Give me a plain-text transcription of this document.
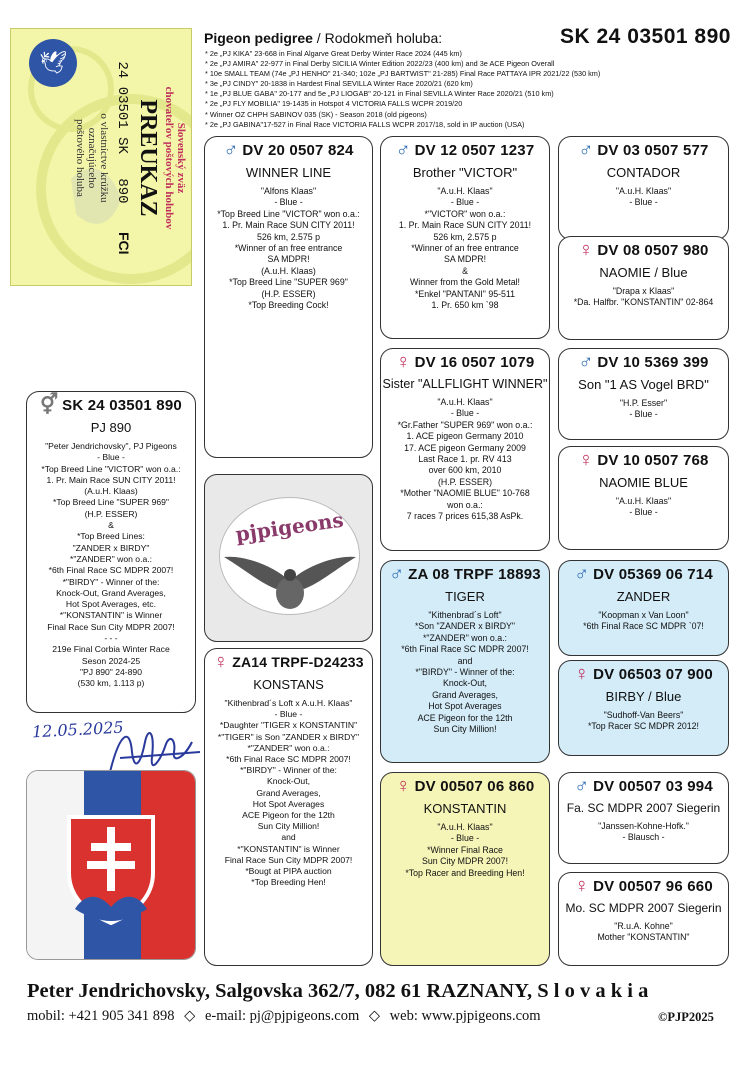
Pigeon pedigree / Rodokmeň holuba:	SK 24 03501 890
* 2e „PJ KIKA" 23-668 in Final Algarve Great Derby Winter Race 2024 (445 km)
* 2e „PJ AMIRA" 22-977 in Final Derby SICILIA Winter Edition 2022/23 (400 km) and 3e ACE Pigeon Overall
* 10e SMALL TEAM (74e „PJ HENHO" 21-340; 102e „PJ BARTWIST" 21-285) Final Race PATTAYA IPR 2021/22 (530 km)
* 3e „PJ CINDY" 20-1838 in Hardest Final SEVILLA Winter Race 2020/21 (620 km)
* 1e „PJ BLUE GABA" 20-177 and 5e „PJ LIOGAB" 20-121 in Final SEVILLA Winter Race 2020/21 (510 km)
* 2e „PJ FLY MOBILIA" 19-1435 in Hotspot 4 VICTORIA FALLS WCPR 2019/20
* Winner OZ CHPH SABINOV 035 (SK) - Season 2018 (old pigeons)
* 2e „PJ GABINA"17-527 in Final Race VICTORIA FALLS WCPR 2017/18, sold in IP auction (USA)
🕊
Slovenský zväz
chovateľov poštových holubov
PREUKAZ
24 03501 SK 890 FCI
o vlastníctve krúžku
označujúceho
poštového holuba
⚥ SK 24 03501 890
PJ 890
"Peter Jendrichovsky", PJ Pigeons
- Blue -
*Top Breed Line "VICTOR" won o.a.:
1. Pr. Main Race SUN CITY 2011!
(A.u.H. Klaas)
*Top Breed Line "SUPER 969"
(H.P. ESSER)
&
*Top Breed Lines:
"ZANDER x BIRDY"
*"ZANDER" won o.a.:
*6th Final Race SC MDPR 2007!
*"BIRDY" - Winner of the:
Knock-Out, Grand Averages,
Hot Spot Averages, etc.
*"KONSTANTIN" is Winner
Final Race Sun City MDPR 2007!
- - -
219e Final Corbia Winter Race
Seson 2024-25
"PJ 890" 24-890
(530 km, 1.113 p)
12.05.2025
♂ DV 20 0507 824
WINNER LINE
"Alfons Klaas"
- Blue -
*Top Breed Line "VICTOR" won o.a.:
1. Pr. Main Race SUN CITY 2011!
526 km, 2.575 p
*Winner of an free entrance
SA MDPR!
(A.u.H. Klaas)
*Top Breed Line "SUPER 969"
(H.P. ESSER)
*Top Breeding Cock!
pjpigeons
♀ ZA14 TRPF-D24233
KONSTANS
"Kithenbrad´s Loft x A.u.H. Klaas"
- Blue -
*Daughter "TIGER x KONSTANTIN"
*"TIGER" is Son "ZANDER x BIRDY"
*"ZANDER" won o.a.:
*6th Final Race SC MDPR 2007!
*"BIRDY" - Winner of the:
Knock-Out,
Grand Averages,
Hot Spot Averages
ACE Pigeon for the 12th
Sun City Million!
and
*"KONSTANTIN" is Winner
Final Race Sun City MDPR 2007!
*Bougt at PIPA auction
*Top Breeding Hen!
♂ DV 12 0507 1237
Brother "VICTOR"
"A.u.H. Klaas"
- Blue -
*"VICTOR" won o.a.:
1. Pr. Main Race SUN CITY 2011!
526 km, 2.575 p
*Winner of an free entrance
SA MDPR!
&
Winner from the Gold Metal!
*Enkel "PANTANI" 95-511
1. Pr. 650 km `98
♀ DV 16 0507 1079
Sister "ALLFLIGHT WINNER"
"A.u.H. Klaas"
- Blue -
*Gr.Father "SUPER 969" won o.a.:
1. ACE pigeon Germany 2010
17. ACE pigeon Germany 2009
Last Race 1. pr. RV 413
over 600 km, 2010
(H.P. ESSER)
*Mother "NAOMIE BLUE" 10-768
won o.a.:
7 races 7 prices 615,38 AsPk.
♂ ZA 08 TRPF 18893
TIGER
"Kithenbrad´s Loft"
*Son "ZANDER x BIRDY"
*"ZANDER" won o.a.:
*6th Final Race SC MDPR 2007!
and
*"BIRDY" - Winner of the:
Knock-Out,
Grand Averages,
Hot Spot Averages
ACE Pigeon for the 12th
Sun City Million!
♀ DV 00507 06 860
KONSTANTIN
"A.u.H. Klaas"
- Blue -
*Winner Final Race
Sun City MDPR 2007!
*Top Racer and Breeding Hen!
♂ DV 03 0507 577
CONTADOR
"A.u.H. Klaas"
- Blue -
♀ DV 08 0507 980
NAOMIE / Blue
"Drapa x Klaas"
*Da. Halfbr. "KONSTANTIN" 02-864
♂ DV 10 5369 399
Son "1 AS Vogel BRD"
"H.P. Esser"
- Blue -
♀ DV 10 0507 768
NAOMIE BLUE
"A.u.H. Klaas"
- Blue -
♂ DV 05369 06 714
ZANDER
"Koopman x Van Loon"
*6th Final Race SC MDPR `07!
♀ DV 06503 07 900
BIRBY / Blue
"Sudhoff-Van Beers"
*Top Racer SC MDPR 2012!
♂ DV 00507 03 994
Fa. SC MDPR 2007 Siegerin
"Janssen-Kohne-Hofk."
- Blausch -
♀ DV 00507 96 660
Mo. SC MDPR 2007 Siegerin
"R.u.A. Kohne"
Mother "KONSTANTIN"
Peter Jendrichovsky, Salgovska 362/7, 082 61 RAZNANY, S l o v a k i a
mobil: +421 905 341 898 ◇ e-mail: pj@pjpigeons.com ◇ web: www.pjpigeons.com	©PJP2025
